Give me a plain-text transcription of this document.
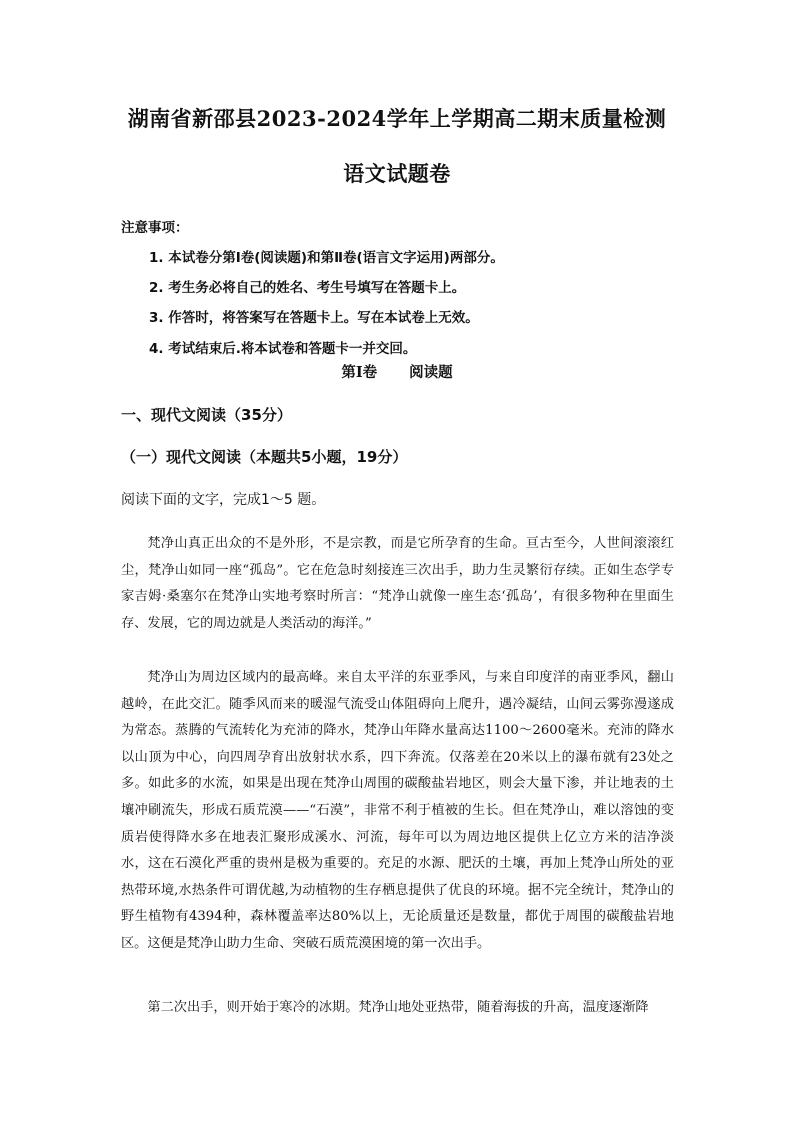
湖南省新邵县2023-2024学年上学期高二期末质量检测
语文试题卷
注意事项：
1. 本试卷分第Ⅰ卷(阅读题)和第Ⅱ卷(语言文字运用)两部分。
2. 考生务必将自己的姓名、考生号填写在答题卡上。
3. 作答时，将答案写在答题卡上。写在本试卷上无效。
4. 考试结束后.将本试卷和答题卡一并交回。
第Ⅰ卷 阅读题
一、现代文阅读（35分）
（一）现代文阅读（本题共5小题，19分）
阅读下面的文字，完成1～5 题。

梵净山真正出众的不是外形，不是宗教，而是它所孕育的生命。亘古至今，人世间滚滚红尘，梵净山如同一座“孤岛”。它在危急时刻接连三次出手，助力生灵繁衍存续。正如生态学专家吉姆·桑塞尔在梵净山实地考察时所言：“梵净山就像一座生态‘孤岛’，有很多物种在里面生存、发展，它的周边就是人类活动的海洋。”

梵净山为周边区域内的最高峰。来自太平洋的东亚季风，与来自印度洋的南亚季风，翻山越岭，在此交汇。随季风而来的暖湿气流受山体阻碍向上爬升，遇冷凝结，山间云雾弥漫遂成为常态。蒸腾的气流转化为充沛的降水，梵净山年降水量高达1100～2600毫米。充沛的降水以山顶为中心，向四周孕育出放射状水系，四下奔流。仅落差在20米以上的瀑布就有23处之多。如此多的水流，如果是出现在梵净山周围的碳酸盐岩地区，则会大量下渗，并让地表的土壤冲刷流失，形成石质荒漠——“石漠”，非常不利于植被的生长。但在梵净山，难以溶蚀的变质岩使得降水多在地表汇聚形成溪水、河流，每年可以为周边地区提供上亿立方米的洁净淡水，这在石漠化严重的贵州是极为重要的。充足的水源、肥沃的土壤，再加上梵净山所处的亚热带环境,水热条件可谓优越,为动植物的生存栖息提供了优良的环境。据不完全统计，梵净山的野生植物有4394种，森林覆盖率达80%以上，无论质量还是数量，都优于周围的碳酸盐岩地区。这便是梵净山助力生命、突破石质荒漠困境的第一次出手。

第二次出手，则开始于寒冷的冰期。梵净山地处亚热带，随着海拔的升高，温度逐渐降
